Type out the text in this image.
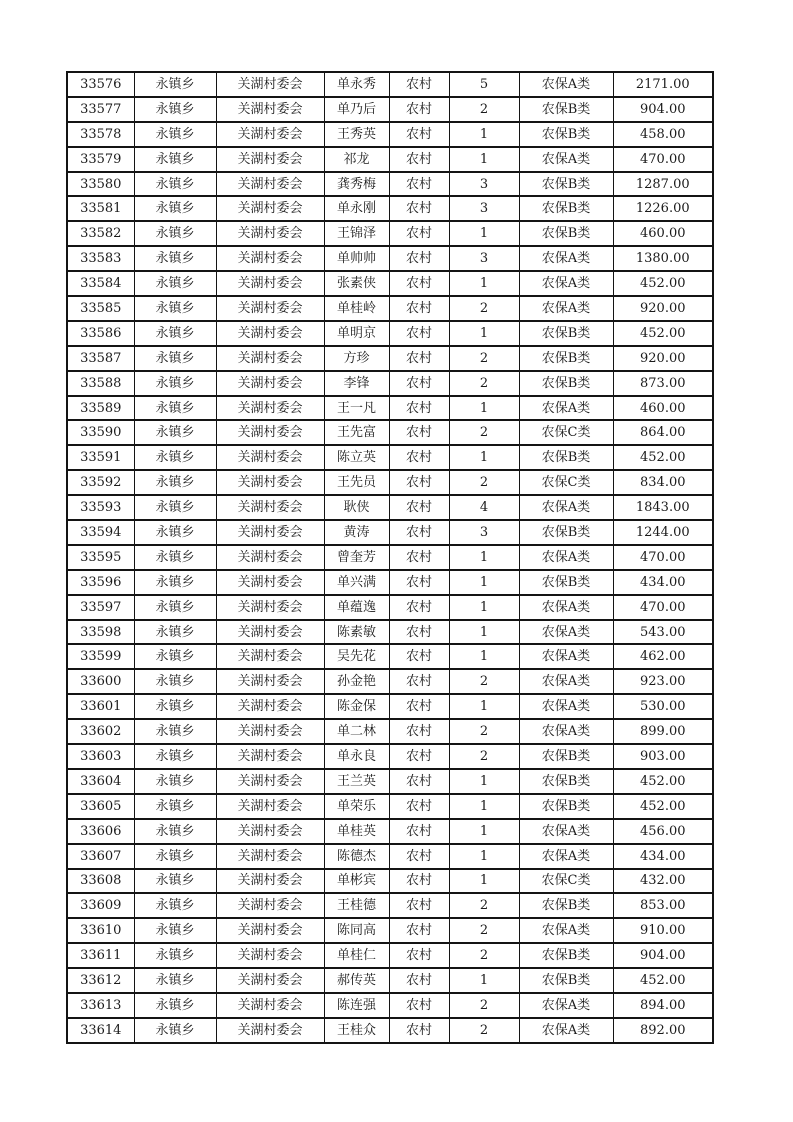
33576	永镇乡	关湖村委会	单永秀	农村	5	农保A类	2171.00
33577	永镇乡	关湖村委会	单乃后	农村	2	农保B类	904.00
33578	永镇乡	关湖村委会	王秀英	农村	1	农保B类	458.00
33579	永镇乡	关湖村委会	祁龙	农村	1	农保A类	470.00
33580	永镇乡	关湖村委会	龚秀梅	农村	3	农保B类	1287.00
33581	永镇乡	关湖村委会	单永刚	农村	3	农保B类	1226.00
33582	永镇乡	关湖村委会	王锦泽	农村	1	农保B类	460.00
33583	永镇乡	关湖村委会	单帅帅	农村	3	农保A类	1380.00
33584	永镇乡	关湖村委会	张素侠	农村	1	农保A类	452.00
33585	永镇乡	关湖村委会	单桂岭	农村	2	农保A类	920.00
33586	永镇乡	关湖村委会	单明京	农村	1	农保B类	452.00
33587	永镇乡	关湖村委会	方珍	农村	2	农保B类	920.00
33588	永镇乡	关湖村委会	李锋	农村	2	农保B类	873.00
33589	永镇乡	关湖村委会	王一凡	农村	1	农保A类	460.00
33590	永镇乡	关湖村委会	王先富	农村	2	农保C类	864.00
33591	永镇乡	关湖村委会	陈立英	农村	1	农保B类	452.00
33592	永镇乡	关湖村委会	王先员	农村	2	农保C类	834.00
33593	永镇乡	关湖村委会	耿侠	农村	4	农保A类	1843.00
33594	永镇乡	关湖村委会	黄涛	农村	3	农保B类	1244.00
33595	永镇乡	关湖村委会	曾奎芳	农村	1	农保A类	470.00
33596	永镇乡	关湖村委会	单兴满	农村	1	农保B类	434.00
33597	永镇乡	关湖村委会	单蕴逸	农村	1	农保A类	470.00
33598	永镇乡	关湖村委会	陈素敏	农村	1	农保A类	543.00
33599	永镇乡	关湖村委会	吴先花	农村	1	农保A类	462.00
33600	永镇乡	关湖村委会	孙金艳	农村	2	农保A类	923.00
33601	永镇乡	关湖村委会	陈金保	农村	1	农保A类	530.00
33602	永镇乡	关湖村委会	单二林	农村	2	农保A类	899.00
33603	永镇乡	关湖村委会	单永良	农村	2	农保B类	903.00
33604	永镇乡	关湖村委会	王兰英	农村	1	农保B类	452.00
33605	永镇乡	关湖村委会	单荣乐	农村	1	农保B类	452.00
33606	永镇乡	关湖村委会	单桂英	农村	1	农保A类	456.00
33607	永镇乡	关湖村委会	陈德杰	农村	1	农保A类	434.00
33608	永镇乡	关湖村委会	单彬宾	农村	1	农保C类	432.00
33609	永镇乡	关湖村委会	王桂德	农村	2	农保B类	853.00
33610	永镇乡	关湖村委会	陈同高	农村	2	农保A类	910.00
33611	永镇乡	关湖村委会	单桂仁	农村	2	农保B类	904.00
33612	永镇乡	关湖村委会	郝传英	农村	1	农保B类	452.00
33613	永镇乡	关湖村委会	陈连强	农村	2	农保A类	894.00
33614	永镇乡	关湖村委会	王桂众	农村	2	农保A类	892.00
